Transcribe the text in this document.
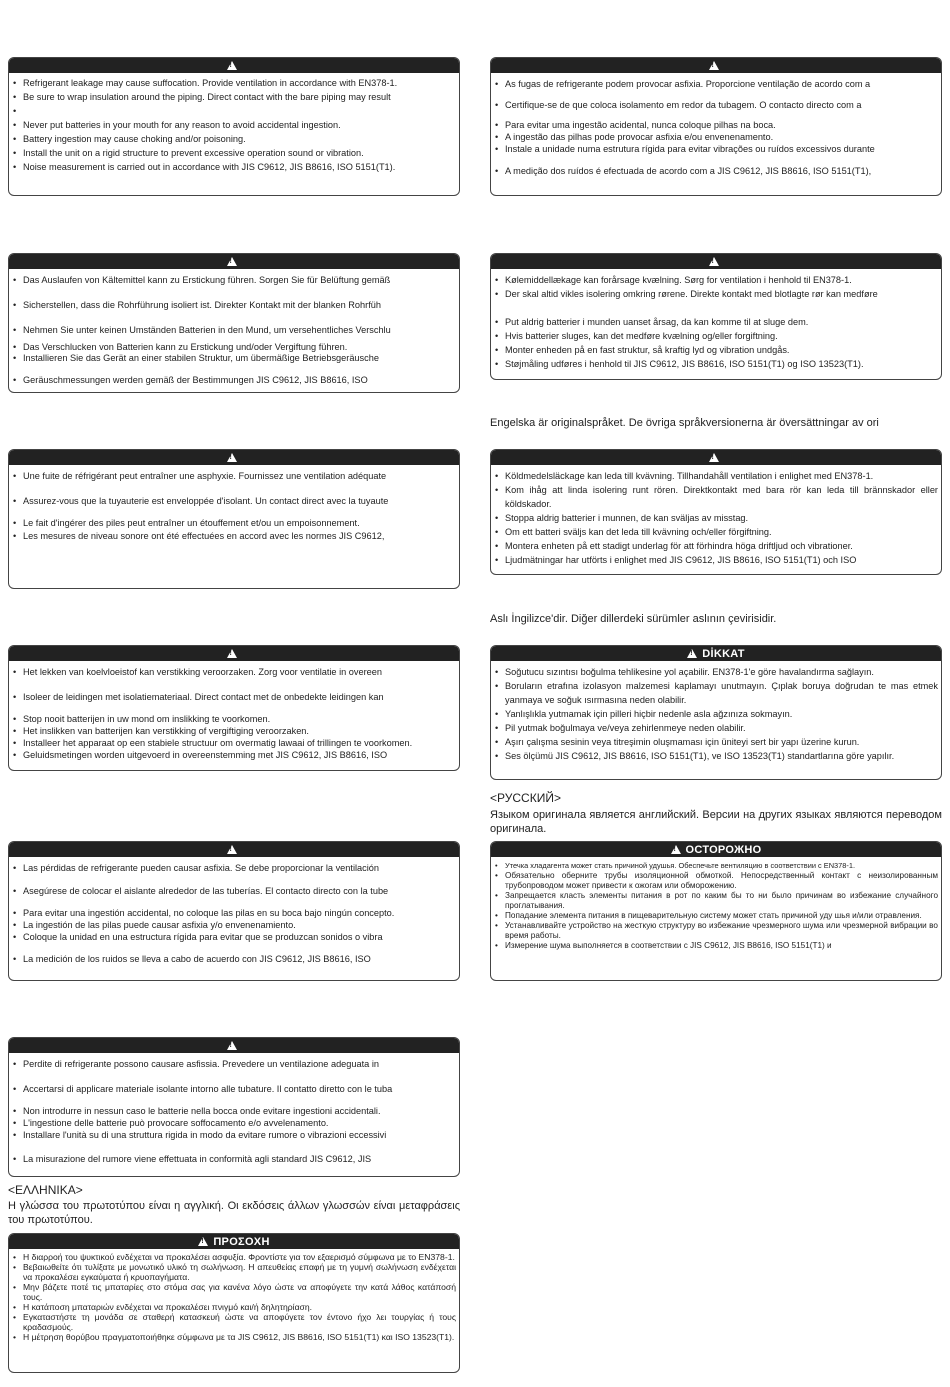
!
• Refrigerant leakage may cause suffocation. Provide ventilation in accordance with EN378-1.
• Be sure to wrap insulation around the piping. Direct contact with the bare piping may result
•
• Never put batteries in your mouth for any reason to avoid accidental ingestion.
• Battery ingestion may cause choking and/or poisoning.
• Install the unit on a rigid structure to prevent excessive operation sound or vibration.
• Noise measurement is carried out in accordance with JIS C9612, JIS B8616, ISO 5151(T1).
!
• Das Auslaufen von Kältemittel kann zu Erstickung führen. Sorgen Sie für Belüftung gemäß
• Sicherstellen, dass die Rohrführung isoliert ist. Direkter Kontakt mit der blanken Rohrfüh
• Nehmen Sie unter keinen Umständen Batterien in den Mund, um versehentliches Verschlu
• Das Verschlucken von Batterien kann zu Erstickung und/oder Vergiftung führen.
• Installieren Sie das Gerät an einer stabilen Struktur, um übermäßige Betriebsgeräusche
• Geräuschmessungen werden gemäß der Bestimmungen JIS C9612, JIS B8616, ISO
!
• Une fuite de réfrigérant peut entraîner une asphyxie. Fournissez une ventilation adéquate
• Assurez-vous que la tuyauterie est enveloppée d'isolant. Un contact direct avec la tuyaute
• Le fait d'ingérer des piles peut entraîner un étouffement et/ou un empoisonnement.
• Les mesures de niveau sonore ont été effectuées en accord avec les normes JIS C9612,
!
• Het lekken van koelvloeistof kan verstikking veroorzaken. Zorg voor ventilatie in overeen
• Isoleer de leidingen met isolatiemateriaal. Direct contact met de onbedekte leidingen kan
• Stop nooit batterijen in uw mond om inslikking te voorkomen.
• Het inslikken van batterijen kan verstikking of vergiftiging veroorzaken.
• Installeer het apparaat op een stabiele structuur om overmatig lawaai of trillingen te voorkomen.
• Geluidsmetingen worden uitgevoerd in overeenstemming met JIS C9612, JIS B8616, ISO
!
• Las pérdidas de refrigerante pueden causar asfixia. Se debe proporcionar la ventilación
• Asegúrese de colocar el aislante alrededor de las tuberías. El contacto directo con la tube
• Para evitar una ingestión accidental, no coloque las pilas en su boca bajo ningún concepto.
• La ingestión de las pilas puede causar asfixia y/o envenenamiento.
• Coloque la unidad en una estructura rígida para evitar que se produzcan sonidos o vibra
• La medición de los ruidos se lleva a cabo de acuerdo con JIS C9612, JIS B8616, ISO
!
• Perdite di refrigerante possono causare asfissia. Prevedere un ventilazione adeguata in
• Accertarsi di applicare materiale isolante intorno alle tubature. Il contatto diretto con le tuba
• Non introdurre in nessun caso le batterie nella bocca onde evitare ingestioni accidentali.
• L'ingestione delle batterie può provocare soffocamento e/o avvelenamento.
• Installare l'unità su di una struttura rigida in modo da evitare rumore o vibrazioni eccessivi
• La misurazione del rumore viene effettuata in conformità agli standard JIS C9612, JIS
<ΕΛΛΗΝΙΚΑ>
Η γλώσσα του πρωτοτύπου είναι η αγγλική. Οι εκδόσεις άλλων γλωσσών είναι μεταφράσεις του πρωτοτύπου.
!
ΠΡΟΣΟΧΗ
• Η διαρροή του ψυκτικού ενδέχεται να προκαλέσει ασφυξία. Φροντίστε για τον εξαερισμό σύμφωνα με το EN378-1.
• Βεβαιωθείτε ότι τυλίξατε με μονωτικό υλικό τη σωλήνωση. Η απευθείας επαφή με τη γυμνή σωλήνωση ενδέχεται να προκαλέσει εγκαύματα ή κρυοπαγήματα.
• Μην βάζετε ποτέ τις μπαταρίες στο στόμα σας για κανένα λόγο ώστε να αποφύγετε την κατά λάθος κατάποσή τους.
• Η κατάποση μπαταριών ενδέχεται να προκαλέσει πνιγμό και/ή δηλητηρίαση.
• Εγκαταστήστε τη μονάδα σε σταθερή κατασκευή ώστε να αποφύγετε τον έντονο ήχο λει τουργίας ή τους κραδασμούς.
• Η μέτρηση θορύβου πραγματοποιήθηκε σύμφωνα με τα JIS C9612, JIS B8616, ISO 5151(T1) και ISO 13523(T1).
!
• As fugas de refrigerante podem provocar asfixia. Proporcione ventilação de acordo com a
• Certifique-se de que coloca isolamento em redor da tubagem. O contacto directo com a
• Para evitar uma ingestão acidental, nunca coloque pilhas na boca.
• A ingestão das pilhas pode provocar asfixia e/ou envenenamento.
• Instale a unidade numa estrutura rígida para evitar vibrações ou ruídos excessivos durante
• A medição dos ruídos é efectuada de acordo com a JIS C9612, JIS B8616, ISO 5151(T1),
!
• Kølemiddellækage kan forårsage kvælning. Sørg for ventilation i henhold til EN378-1.
• Der skal altid vikles isolering omkring rørene. Direkte kontakt med blotlagte rør kan medføre
• Put aldrig batterier i munden uanset årsag, da kan komme til at sluge dem.
• Hvis batterier sluges, kan det medføre kvælning og/eller forgiftning.
• Monter enheden på en fast struktur, så kraftig lyd og vibration undgås.
• Støjmåling udføres i henhold til JIS C9612, JIS B8616, ISO 5151(T1) og ISO 13523(T1).
Engelska är originalspråket. De övriga språkversionerna är översättningar av ori
!
• Köldmedelsläckage kan leda till kvävning. Tillhandahåll ventilation i enlighet med EN378-1.
• Kom ihåg att linda isolering runt rören. Direktkontakt med bara rör kan leda till brännskador eller köldskador.
• Stoppa aldrig batterier i munnen, de kan sväljas av misstag.
• Om ett batteri sväljs kan det leda till kvävning och/eller förgiftning.
• Montera enheten på ett stadigt underlag för att förhindra höga driftljud och vibrationer.
• Ljudmätningar har utförts i enlighet med JIS C9612, JIS B8616, ISO 5151(T1) och ISO
Aslı İngilizce'dir. Diğer dillerdeki sürümler aslının çevirisidir.
!
DİKKAT
• Soğutucu sızıntısı boğulma tehlikesine yol açabilir. EN378-1'e göre havalandırma sağlayın.
• Boruların etrafına izolasyon malzemesi kaplamayı unutmayın. Çıplak boruya doğrudan te mas etmek yanmaya ve soğuk ısırmasına neden olabilir.
• Yanlışlıkla yutmamak için pilleri hiçbir nedenle asla ağzınıza sokmayın.
• Pil yutmak boğulmaya ve/veya zehirlenmeye neden olabilir.
• Aşırı çalışma sesinin veya titreşimin oluşmaması için üniteyi sert bir yapı üzerine kurun.
• Ses ölçümü JIS C9612, JIS B8616, ISO 5151(T1), ve ISO 13523(T1) standartlarına göre yapılır.
<РУССКИЙ>
Языком оригинала является английский. Версии на других языках являются переводом оригинала.
!
ОСТОРОЖНО
• Утечка хладагента может стать причиной удушья. Обеспечьте вентиляцию в соответствии с EN378-1.
• Обязательно оберните трубы изоляционной обмоткой. Непосредственный контакт с неизолированным трубопроводом может привести к ожогам или обморожению.
• Запрещается класть элементы питания в рот по каким бы то ни было причинам во избежание случайного проглатывания.
• Попадание элемента питания в пищеварительную систему может стать причиной уду шья и/или отравления.
• Устанавливайте устройство на жесткую структуру во избежание чрезмерного шума или чрезмерной вибрации во время работы.
• Измерение шума выполняется в соответствии с JIS C9612, JIS B8616, ISO 5151(T1) и
